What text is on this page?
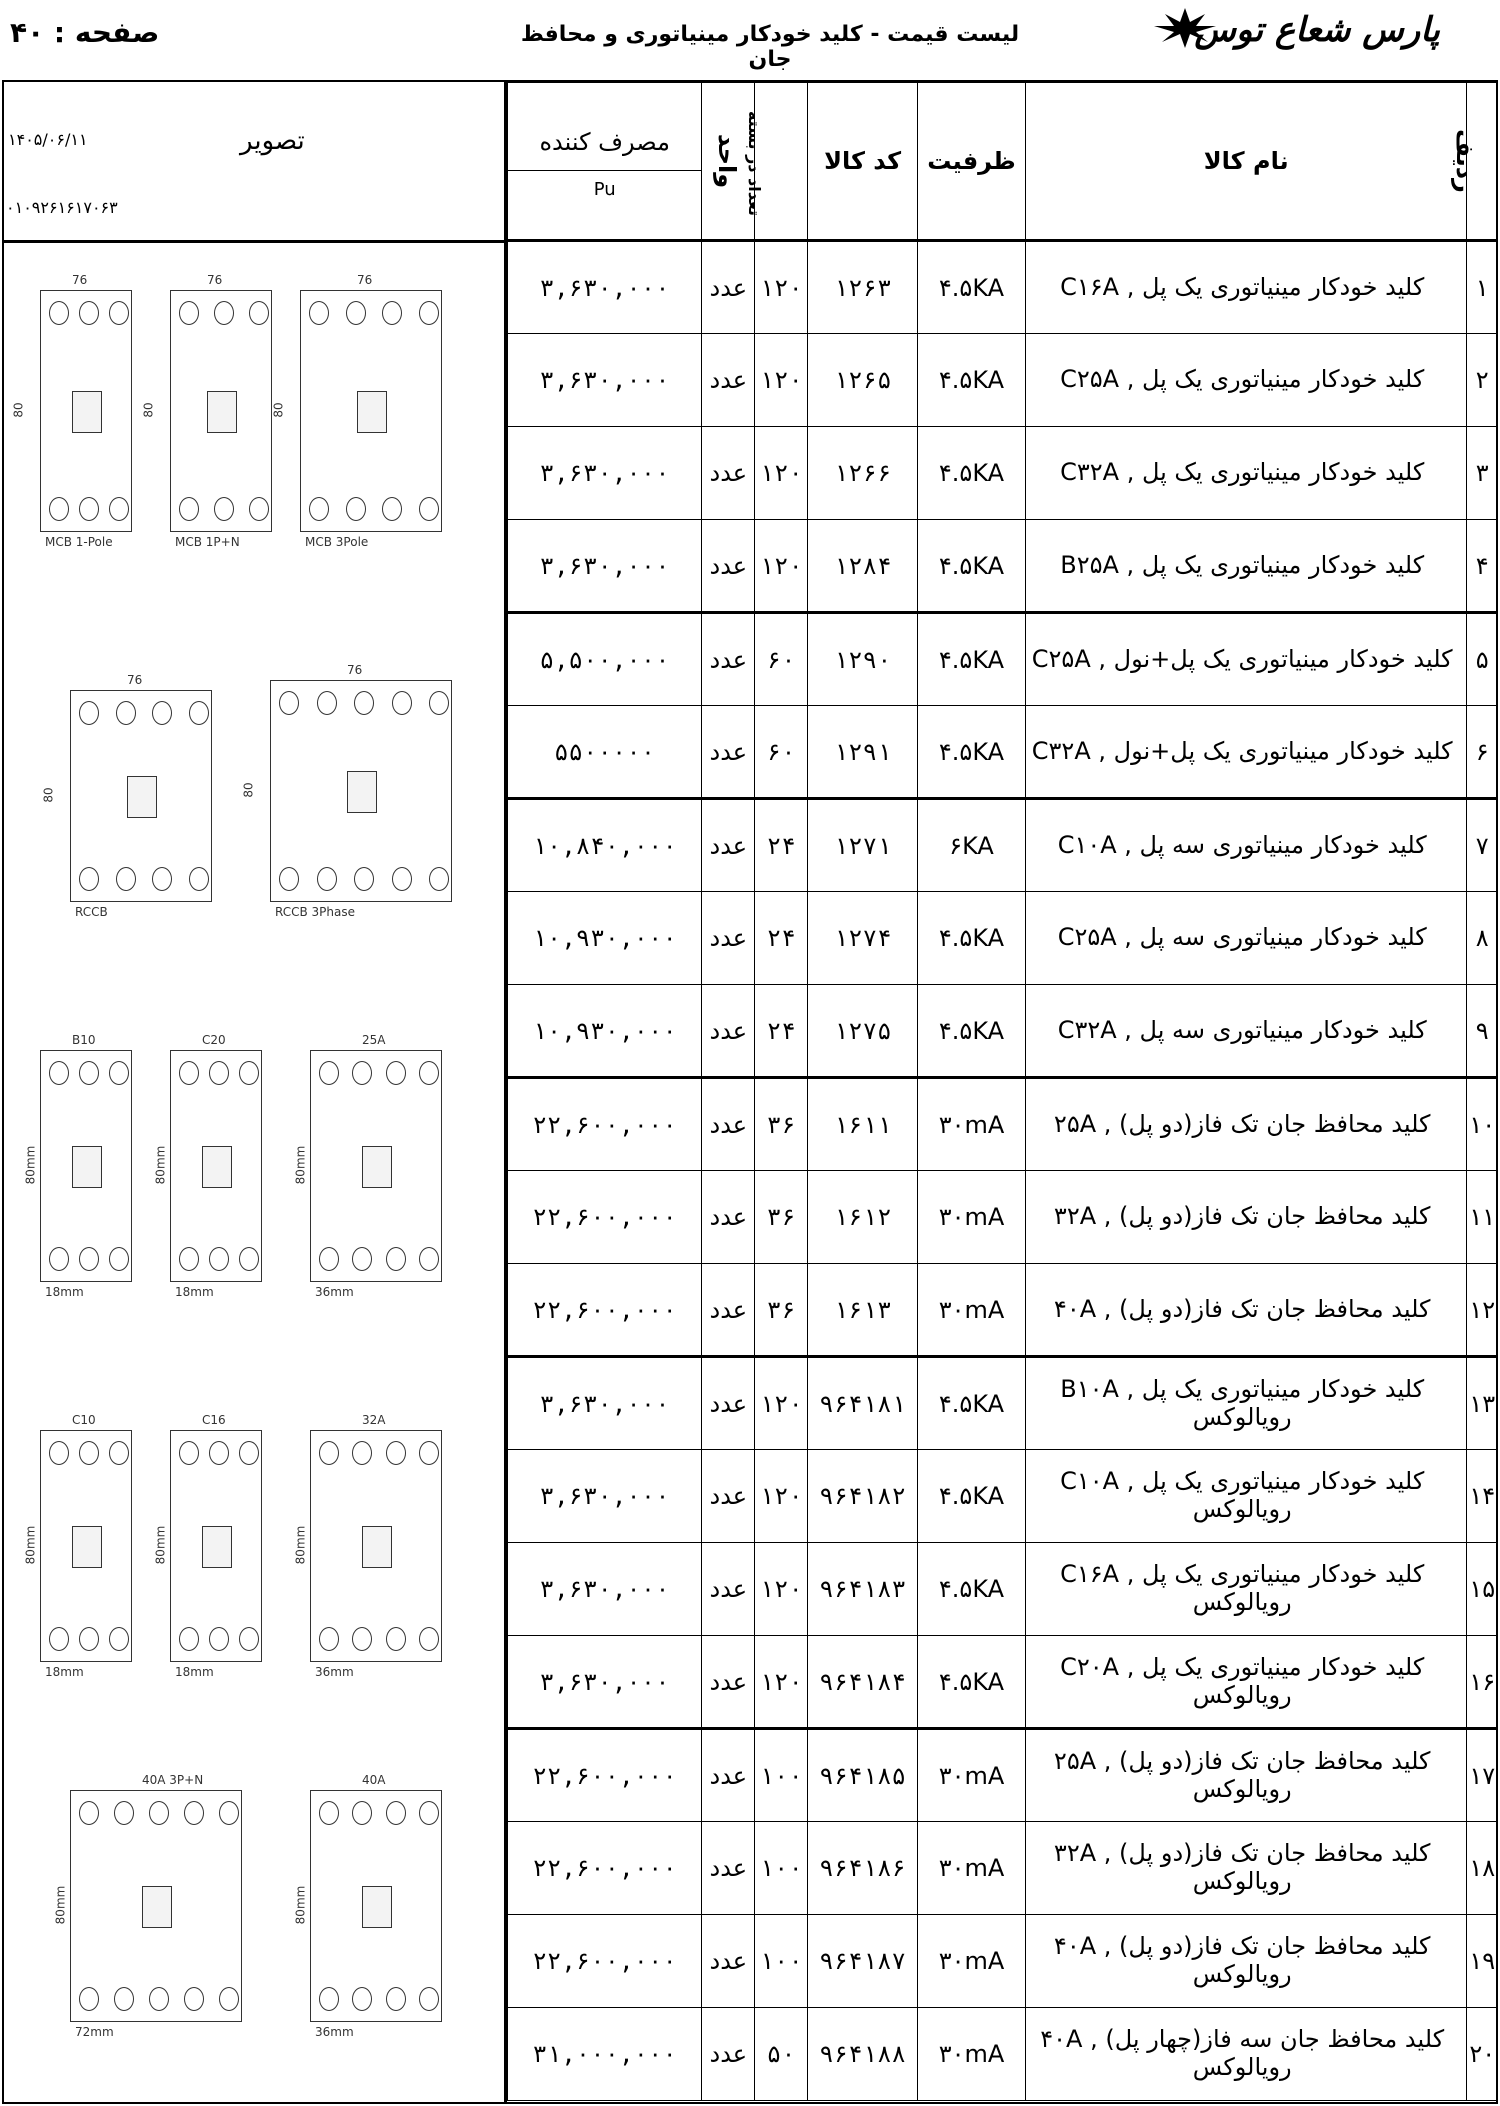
صفحه : ۴۰	لیست قیمت - کلید خودکار مینیاتوری و محافظ جان
پارس شعاع توس
تصویر
۱۴۰۵/۰۶/۱۱
۰۱۰۹۲۶۱۶۱۷۰۶۳
76
80
MCB 1-Pole
76
80
MCB 1P+N
76
80
MCB 3Pole
76
80
RCCB
76
80
RCCB 3Phase
B10
80mm
18mm
C20
80mm
18mm
25A
80mm
36mm
C10
80mm
18mm
C16
80mm
18mm
32A
80mm
36mm
40A 3P+N
80mm
72mm
40A
80mm
36mm
ردیف	نام کالا	ظرفیت	کد کالا	تعداد در بسته	واحد	مصرف کننده
Pu

۱	کلید خودکار مینیاتوری یک پل , C۱۶A	۴.۵KA	۱۲۶۳	۱۲۰	عدد	۳,۶۳۰,۰۰۰
۲	کلید خودکار مینیاتوری یک پل , C۲۵A	۴.۵KA	۱۲۶۵	۱۲۰	عدد	۳,۶۳۰,۰۰۰
۳	کلید خودکار مینیاتوری یک پل , C۳۲A	۴.۵KA	۱۲۶۶	۱۲۰	عدد	۳,۶۳۰,۰۰۰
۴	کلید خودکار مینیاتوری یک پل , B۲۵A	۴.۵KA	۱۲۸۴	۱۲۰	عدد	۳,۶۳۰,۰۰۰
۵	کلید خودکار مینیاتوری یک پل+نول , C۲۵A	۴.۵KA	۱۲۹۰	۶۰	عدد	۵,۵۰۰,۰۰۰
۶	کلید خودکار مینیاتوری یک پل+نول , C۳۲A	۴.۵KA	۱۲۹۱	۶۰	عدد	۵۵۰۰۰۰۰
۷	کلید خودکار مینیاتوری سه پل , C۱۰A	۶KA	۱۲۷۱	۲۴	عدد	۱۰,۸۴۰,۰۰۰
۸	کلید خودکار مینیاتوری سه پل , C۲۵A	۴.۵KA	۱۲۷۴	۲۴	عدد	۱۰,۹۳۰,۰۰۰
۹	کلید خودکار مینیاتوری سه پل , C۳۲A	۴.۵KA	۱۲۷۵	۲۴	عدد	۱۰,۹۳۰,۰۰۰
۱۰	کلید محافظ جان تک فاز(دو پل) , ۲۵A	۳۰mA	۱۶۱۱	۳۶	عدد	۲۲,۶۰۰,۰۰۰
۱۱	کلید محافظ جان تک فاز(دو پل) , ۳۲A	۳۰mA	۱۶۱۲	۳۶	عدد	۲۲,۶۰۰,۰۰۰
۱۲	کلید محافظ جان تک فاز(دو پل) , ۴۰A	۳۰mA	۱۶۱۳	۳۶	عدد	۲۲,۶۰۰,۰۰۰
۱۳	کلید خودکار مینیاتوری یک پل , B۱۰A رویالوکس	۴.۵KA	۹۶۴۱۸۱	۱۲۰	عدد	۳,۶۳۰,۰۰۰
۱۴	کلید خودکار مینیاتوری یک پل , C۱۰A رویالوکس	۴.۵KA	۹۶۴۱۸۲	۱۲۰	عدد	۳,۶۳۰,۰۰۰
۱۵	کلید خودکار مینیاتوری یک پل , C۱۶A رویالوکس	۴.۵KA	۹۶۴۱۸۳	۱۲۰	عدد	۳,۶۳۰,۰۰۰
۱۶	کلید خودکار مینیاتوری یک پل , C۲۰A رویالوکس	۴.۵KA	۹۶۴۱۸۴	۱۲۰	عدد	۳,۶۳۰,۰۰۰
۱۷	کلید محافظ جان تک فاز(دو پل) , ۲۵A رویالوکس	۳۰mA	۹۶۴۱۸۵	۱۰۰	عدد	۲۲,۶۰۰,۰۰۰
۱۸	کلید محافظ جان تک فاز(دو پل) , ۳۲A رویالوکس	۳۰mA	۹۶۴۱۸۶	۱۰۰	عدد	۲۲,۶۰۰,۰۰۰
۱۹	کلید محافظ جان تک فاز(دو پل) , ۴۰A رویالوکس	۳۰mA	۹۶۴۱۸۷	۱۰۰	عدد	۲۲,۶۰۰,۰۰۰
۲۰	کلید محافظ جان سه فاز(چهار پل) , ۴۰A رویالوکس	۳۰mA	۹۶۴۱۸۸	۵۰	عدد	۳۱,۰۰۰,۰۰۰
